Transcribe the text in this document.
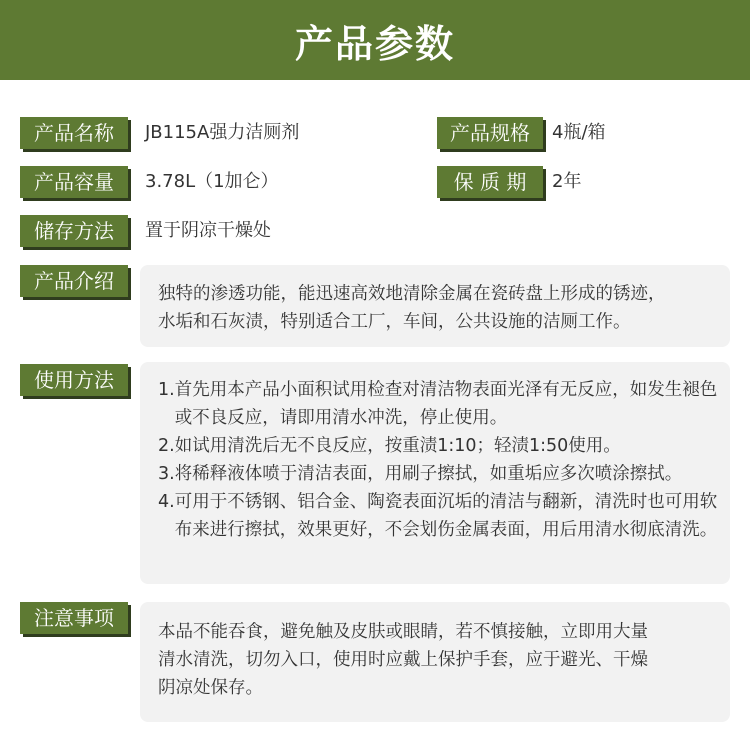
产品参数
产品名称	JB115A强力洁厕剂	产品规格	4瓶/箱
产品容量	3.78L（1加仑）	保 质 期	2年
储存方法	置于阴凉干燥处
产品介绍

独特的渗透功能，能迅速高效地清除金属在瓷砖盘上形成的锈迹，

水垢和石灰渍，特别适合工厂，车间，公共设施的洁厕工作。

使用方法	1. 首先用本产品小面积试用检查对清洁物表面光泽有无反应，如发生褪色或不良反应，请即用清水冲洗，停止使用。
2. 如试用清洗后无不良反应，按重渍1:10；轻渍1:50使用。
3. 将稀释液体喷于清洁表面，用刷子擦拭，如重垢应多次喷涂擦拭。
4. 可用于不锈钢、铝合金、陶瓷表面沉垢的清洁与翻新，清洗时也可用软布来进行擦拭，效果更好，不会划伤金属表面，用后用清水彻底清洗。
注意事项

本品不能吞食，避免触及皮肤或眼睛，若不慎接触，立即用大量

清水清洗，切勿入口，使用时应戴上保护手套，应于避光、干燥

阴凉处保存。
